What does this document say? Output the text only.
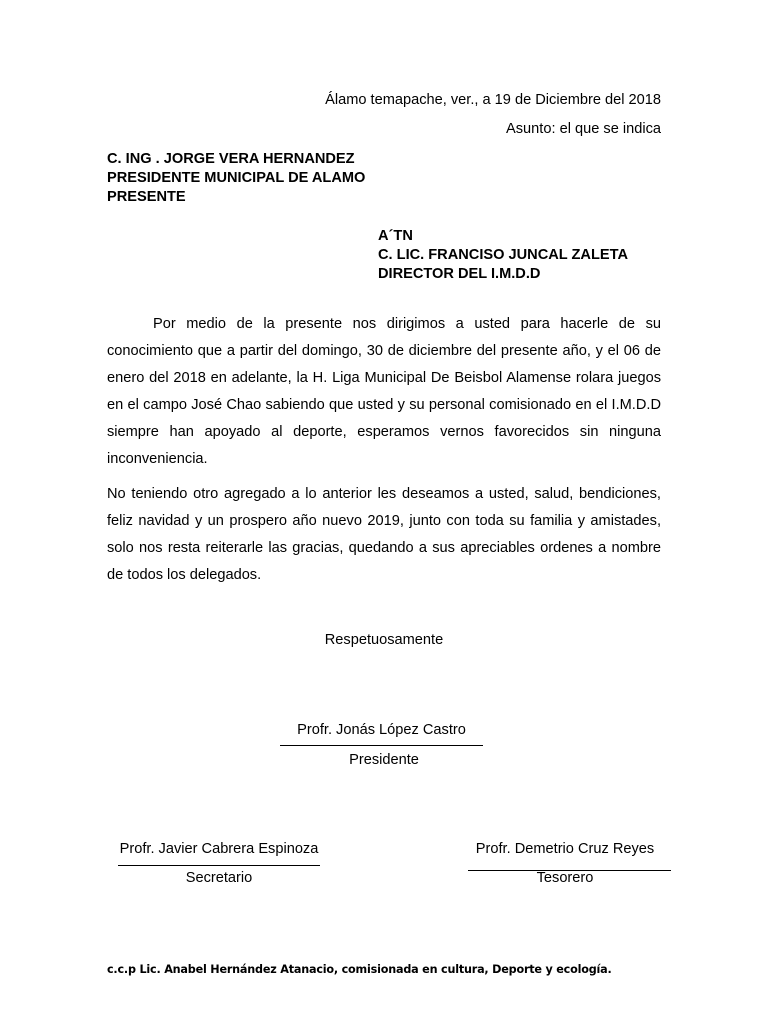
Álamo temapache, ver., a 19 de Diciembre del 2018
Asunto: el que se indica
C. ING . JORGE VERA HERNANDEZ
PRESIDENTE MUNICIPAL DE ALAMO
PRESENTE
A´TN
C. LIC. FRANCISO JUNCAL ZALETA
DIRECTOR DEL I.M.D.D
Por medio de la presente nos dirigimos a usted para hacerle de su conocimiento que a partir del domingo, 30 de diciembre del presente año, y el 06 de enero del 2018 en adelante, la H. Liga Municipal De Beisbol Alamense rolara juegos en el campo José Chao sabiendo que usted y su personal comisionado en el I.M.D.D siempre han apoyado al deporte, esperamos vernos favorecidos sin ninguna inconveniencia.
No teniendo otro agregado a lo anterior les deseamos a usted, salud, bendiciones, feliz navidad y un prospero año nuevo 2019, junto con toda su familia y amistades, solo nos resta reiterarle las gracias, quedando a sus apreciables ordenes a nombre de todos los delegados.
Respetuosamente
Profr. Jonás López Castro
Presidente
Profr. Javier Cabrera Espinoza
Secretario
Profr. Demetrio Cruz Reyes
Tesorero
c.c.p Lic. Anabel Hernández Atanacio, comisionada en cultura, Deporte y ecología.
